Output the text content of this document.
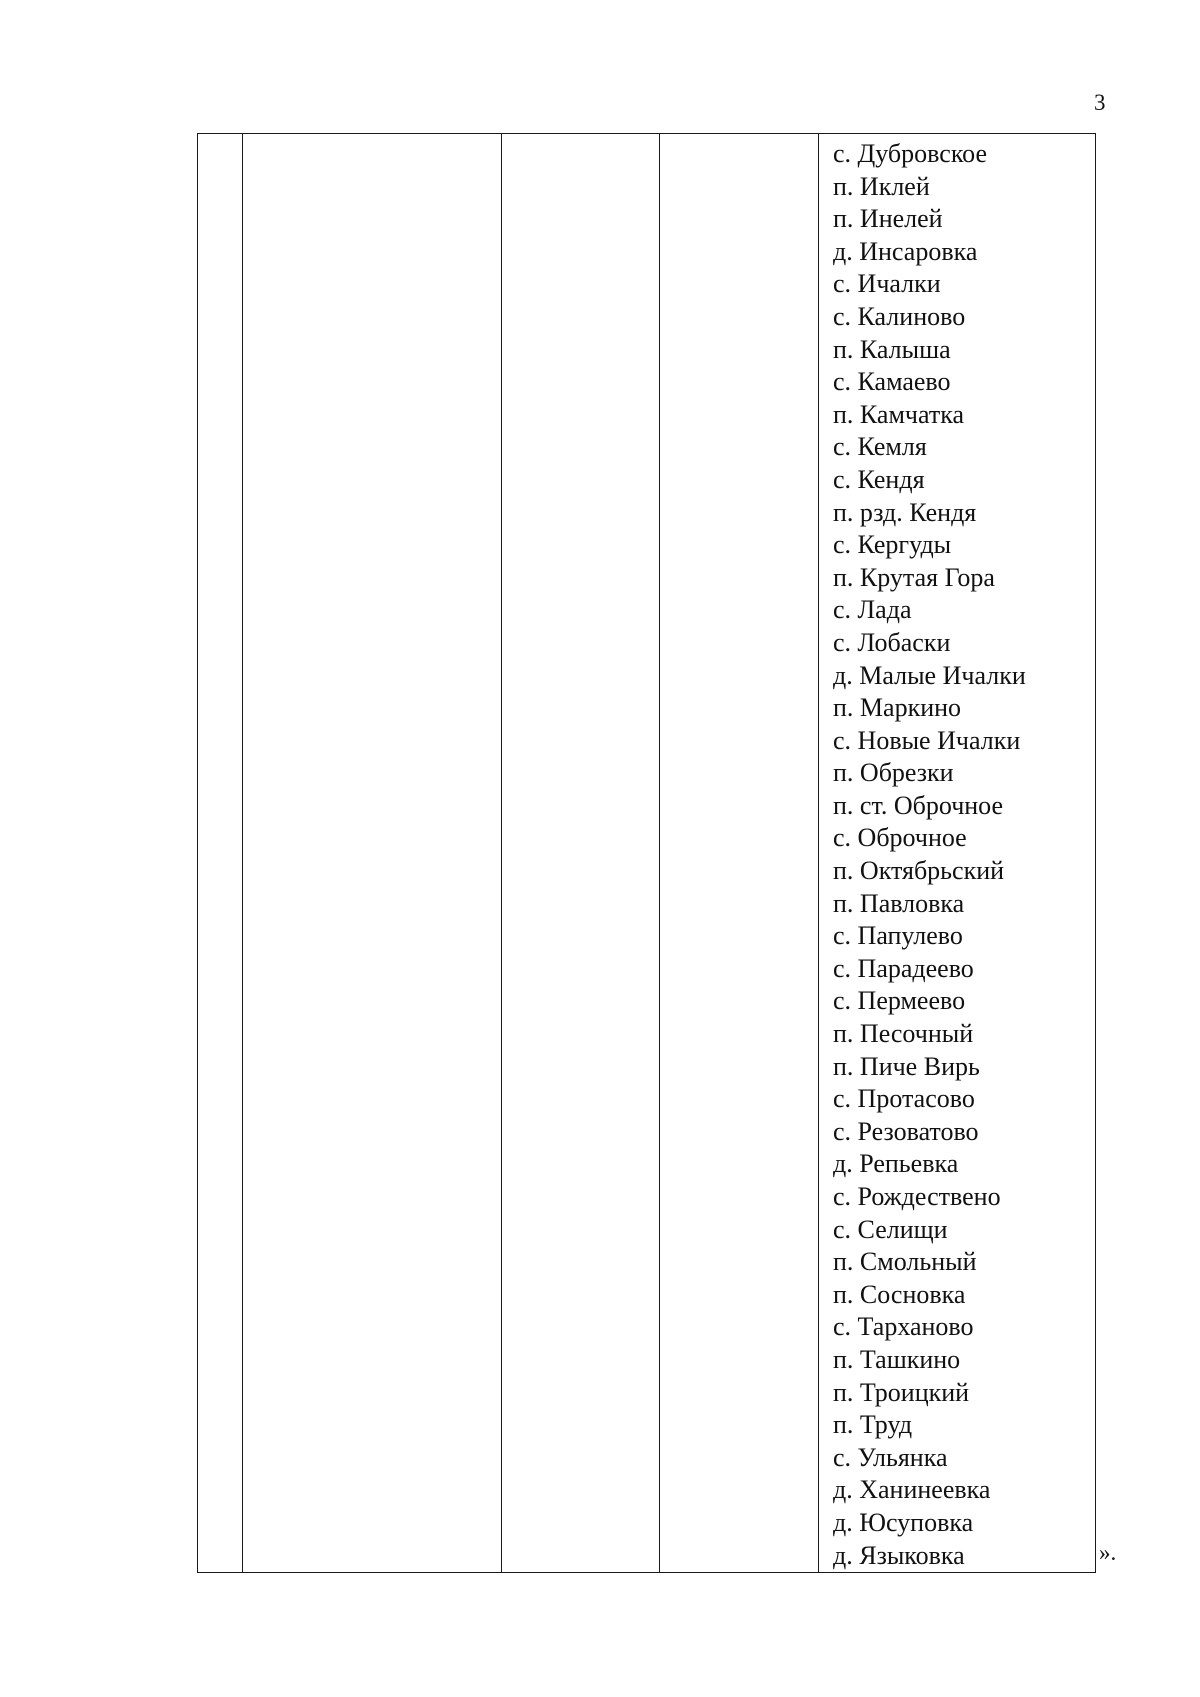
3

с. Дубровское
п. Иклей
п. Инелей
д. Инсаровка
с. Ичалки
с. Калиново
п. Калыша
с. Камаево
п. Камчатка
с. Кемля
с. Кендя
п. рзд. Кендя
с. Кергуды
п. Крутая Гора
с. Лада
с. Лобаски
д. Малые Ичалки
п. Маркино
с. Новые Ичалки
п. Обрезки
п. ст. Оброчное
с. Оброчное
п. Октябрьский
п. Павловка
с. Папулево
с. Парадеево
с. Пермеево
п. Песочный
п. Пиче Вирь
с. Протасово
с. Резоватово
д. Репьевка
с. Рождествено
с. Селищи
п. Смольный
п. Сосновка
с. Тарханово
п. Ташкино
п. Троицкий
п. Труд
с. Ульянка
д. Ханинеевка
д. Юсуповка
д. Языковка	».
